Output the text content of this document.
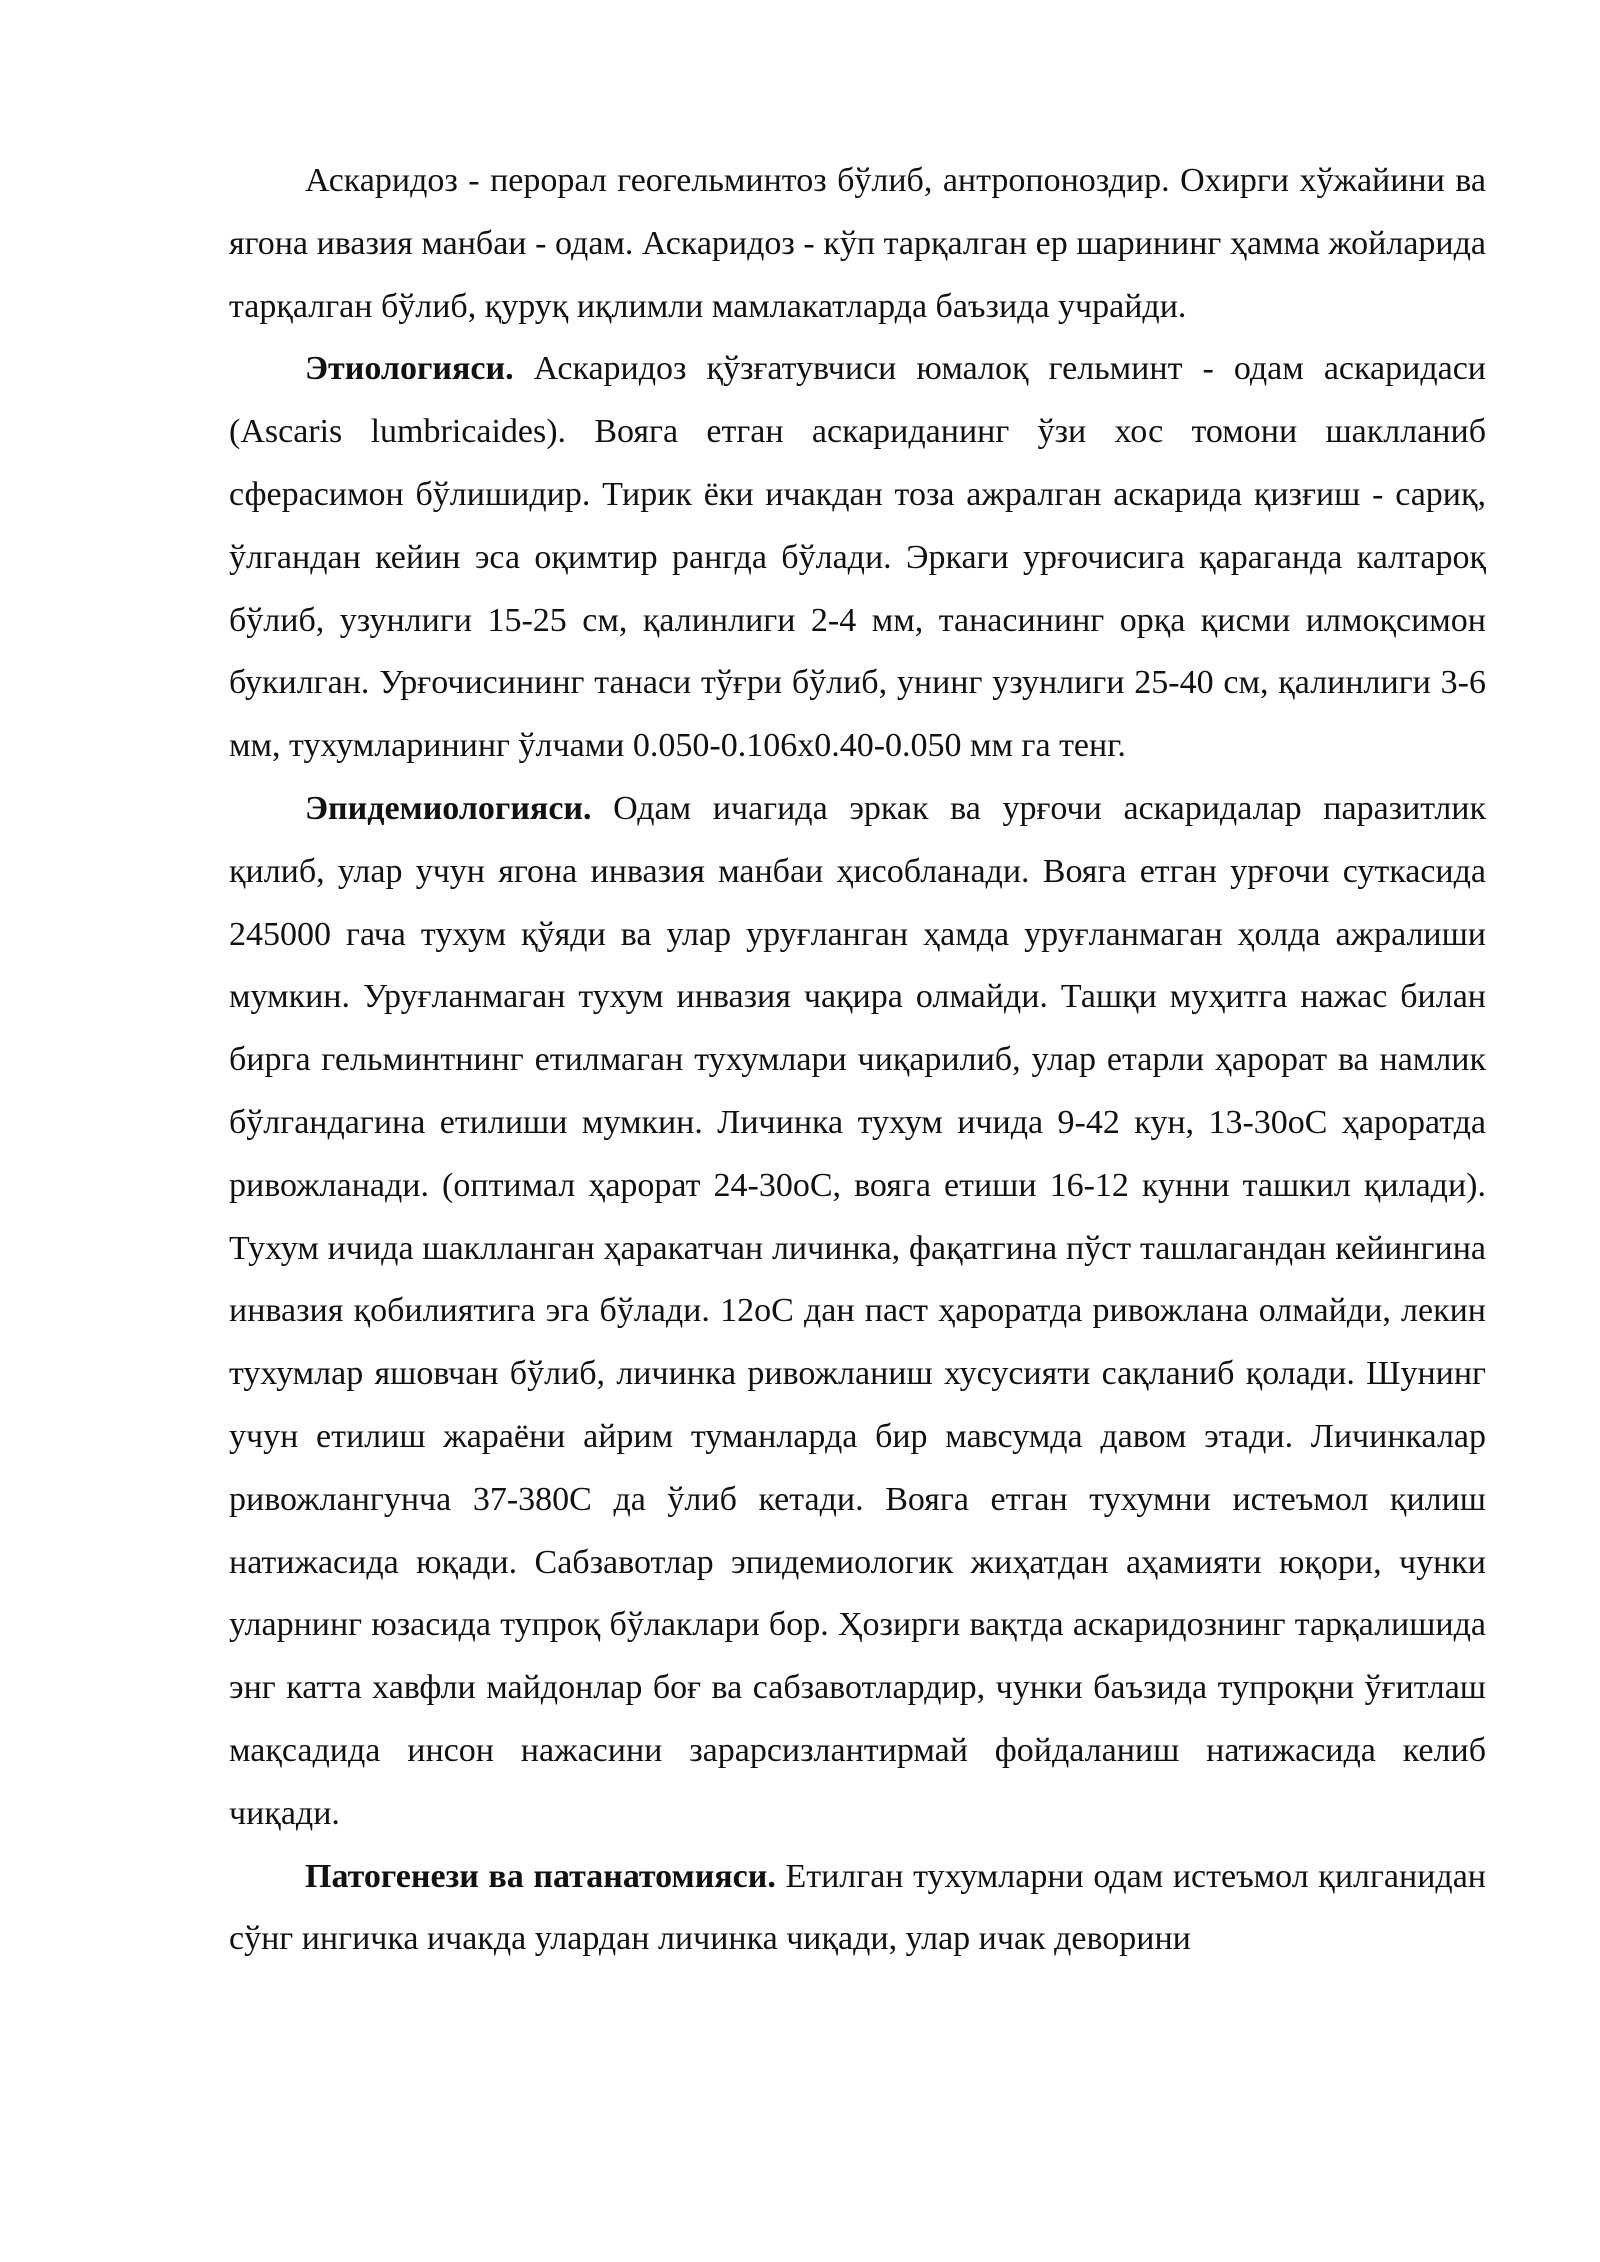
Аскаридоз - перорал геогельминтоз бўлиб, антропоноздир. Охирги хўжайини ва ягона ивазия манбаи - одам. Аскаридоз - кўп тарқалган ер шарининг ҳамма жойларида тарқалган бўлиб, қуруқ иқлимли мамлакатларда баъзида учрайди.

Этиологияси. Аскаридоз қўзғатувчиси юмалоқ гельминт - одам аскаридаси (Ascaris lumbricaides). Вояга етган аскариданинг ўзи хос томони шаклланиб сферасимон бўлишидир. Тирик ёки ичакдан тоза ажралган аскарида қизғиш - сариқ, ўлгандан кейин эса оқимтир рангда бўлади. Эркаги урғочисига қараганда калтароқ бўлиб, узунлиги 15-25 см, қалинлиги 2-4 мм, танасининг орқа қисми илмоқсимон букилган. Урғочисининг танаси тўғри бўлиб, унинг узунлиги 25-40 см, қалинлиги 3-6 мм, тухумларининг ўлчами 0.050-0.106х0.40-0.050 мм га тенг.

Эпидемиологияси. Одам ичагида эркак ва урғочи аскаридалар паразитлик қилиб, улар учун ягона инвазия манбаи ҳисобланади. Вояга етган урғочи суткасида 245000 гача тухум қўяди ва улар уруғланган ҳамда уруғланмаган ҳолда ажралиши мумкин. Уруғланмаган тухум инвазия чақира олмайди. Ташқи муҳитга нажас билан бирга гельминтнинг етилмаган тухумлари чиқарилиб, улар етарли ҳарорат ва намлик бўлгандагина етилиши мумкин. Личинка тухум ичида 9-42 кун, 13-30оС ҳароратда ривожланади. (оптимал ҳарорат 24-30оС, вояга етиши 16-12 кунни ташкил қилади). Тухум ичида шаклланган ҳаракатчан личинка, фақатгина пўст ташлагандан кейингина инвазия қобилиятига эга бўлади. 12оС дан паст ҳароратда ривожлана олмайди, лекин тухумлар яшовчан бўлиб, личинка ривожланиш хусусияти сақланиб қолади. Шунинг учун етилиш жараёни айрим туманларда бир мавсумда давом этади. Личинкалар ривожлангунча 37-380С да ўлиб кетади. Вояга етган тухумни истеъмол қилиш натижасида юқади. Сабзавотлар эпидемиологик жиҳатдан аҳамияти юқори, чунки уларнинг юзасида тупроқ бўлаклари бор. Ҳозирги вақтда аскаридознинг тарқалишида энг катта хавфли майдонлар боғ ва сабзавотлардир, чунки баъзида тупроқни ўғитлаш мақсадида инсон нажасини зарарсизлантирмай фойдаланиш натижасида келиб чиқади.

Патогенези ва патанатомияси. Етилган тухумларни одам истеъмол қилганидан сўнг ингичка ичакда улардан личинка чиқади, улар ичак деворини
